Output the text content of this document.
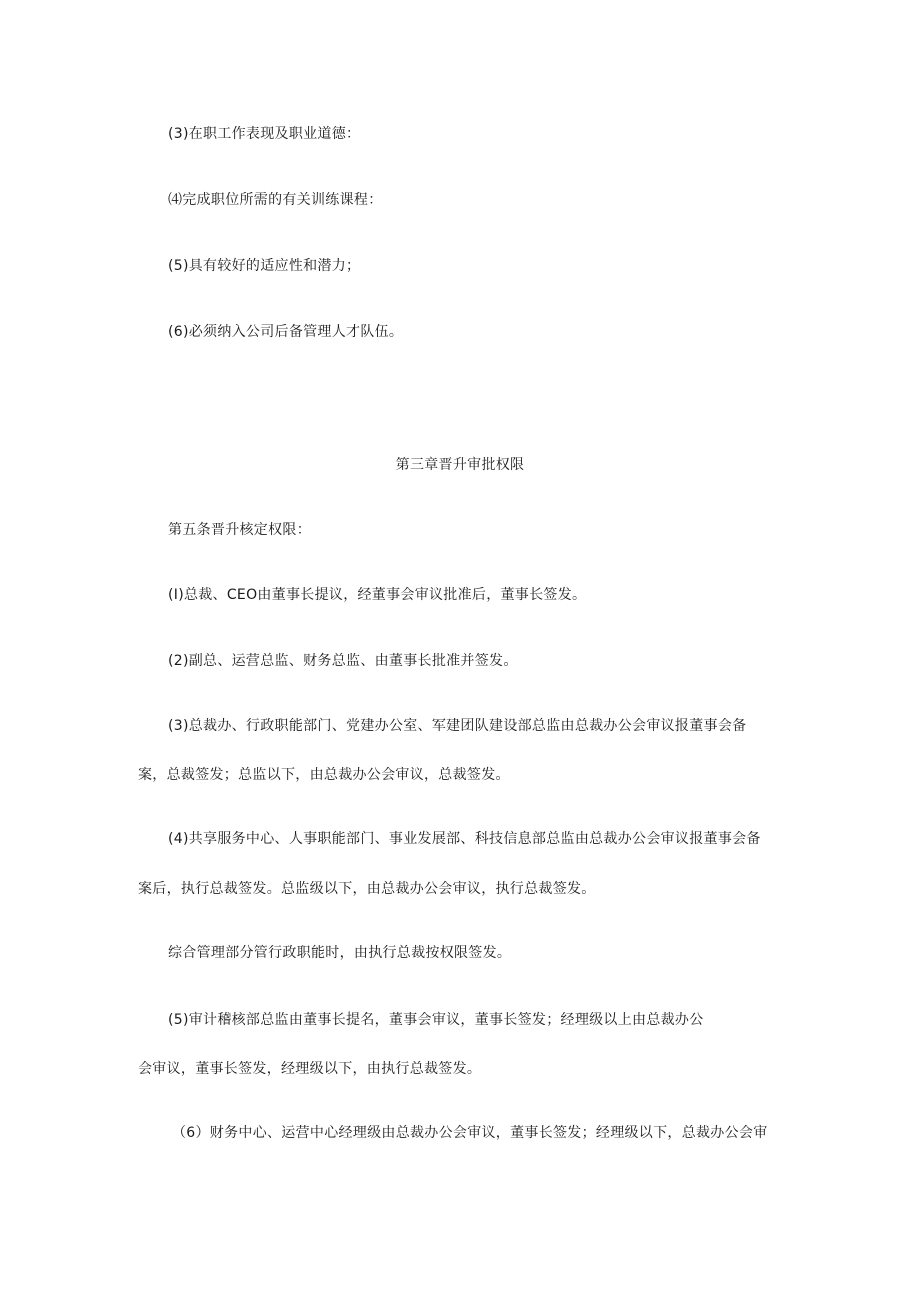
(3)在职工作表现及职业道德：
⑷完成职位所需的有关训练课程：
(5)具有较好的适应性和潜力；
(6)必须纳入公司后备管理人才队伍。
第三章晋升审批权限
第五条晋升核定权限：
(I)总裁、CEO由董事长提议，经董事会审议批准后，董事长签发。
(2)副总、运营总监、财务总监、由董事长批准并签发。
(3)总裁办、行政职能部门、党建办公室、军建团队建设部总监由总裁办公会审议报董事会备
案，总裁签发；总监以下，由总裁办公会审议，总裁签发。
(4)共享服务中心、人事职能部门、事业发展部、科技信息部总监由总裁办公会审议报董事会备
案后，执行总裁签发。总监级以下，由总裁办公会审议，执行总裁签发。
综合管理部分管行政职能时，由执行总裁按权限签发。
(5)审计稽核部总监由董事长提名，董事会审议，董事长签发；经理级以上由总裁办公
会审议，董事长签发，经理级以下，由执行总裁签发。
（6）财务中心、运营中心经理级由总裁办公会审议，董事长签发；经理级以下，总裁办公会审
